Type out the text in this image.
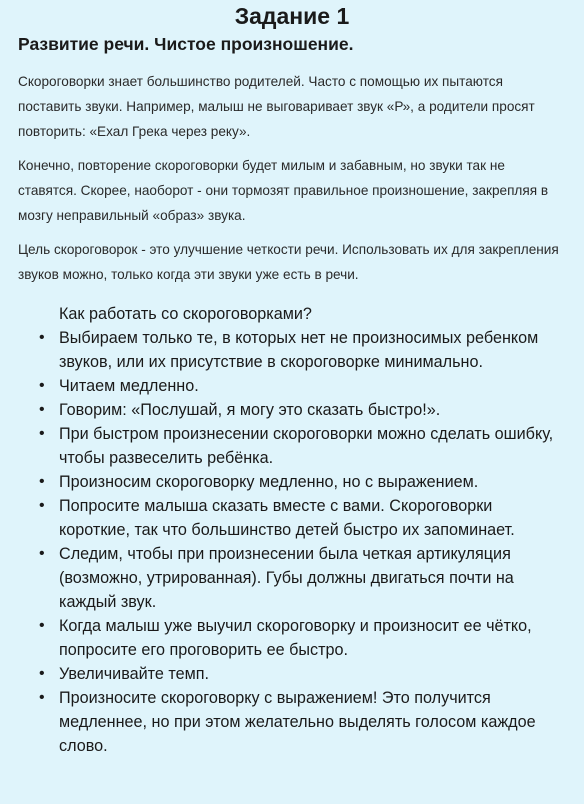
Задание 1
Развитие речи. Чистое произношение.

Скороговорки знает большинство родителей. Часто с помощью их пытаются поставить звуки. Например, малыш не выговаривает звук «Р», а родители просят повторить: «Ехал Грека через реку».

Конечно, повторение скороговорки будет милым и забавным, но звуки так не ставятся. Скорее, наоборот - они тормозят правильное произношение, закрепляя в мозгу неправильный «образ» звука.

Цель скороговорок - это улучшение четкости речи. Использовать их для закрепления звуков можно, только когда эти звуки уже есть в речи.

Как работать со скороговорками?
• Выбираем только те, в которых нет не произносимых ребенком звуков, или их присутствие в скороговорке минимально.
• Читаем медленно.
• Говорим: «Послушай, я могу это сказать быстро!».
• При быстром произнесении скороговорки можно сделать ошибку, чтобы развеселить ребёнка.
• Произносим скороговорку медленно, но с выражением.
• Попросите малыша сказать вместе с вами. Скороговорки короткие, так что большинство детей быстро их запоминает.
• Следим, чтобы при произнесении была четкая артикуляция (возможно, утрированная). Губы должны двигаться почти на каждый звук.
• Когда малыш уже выучил скороговорку и произносит ее чётко, попросите его проговорить ее быстро.
• Увеличивайте темп.
• Произносите скороговорку с выражением! Это получится медленнее, но при этом желательно выделять голосом каждое слово.
